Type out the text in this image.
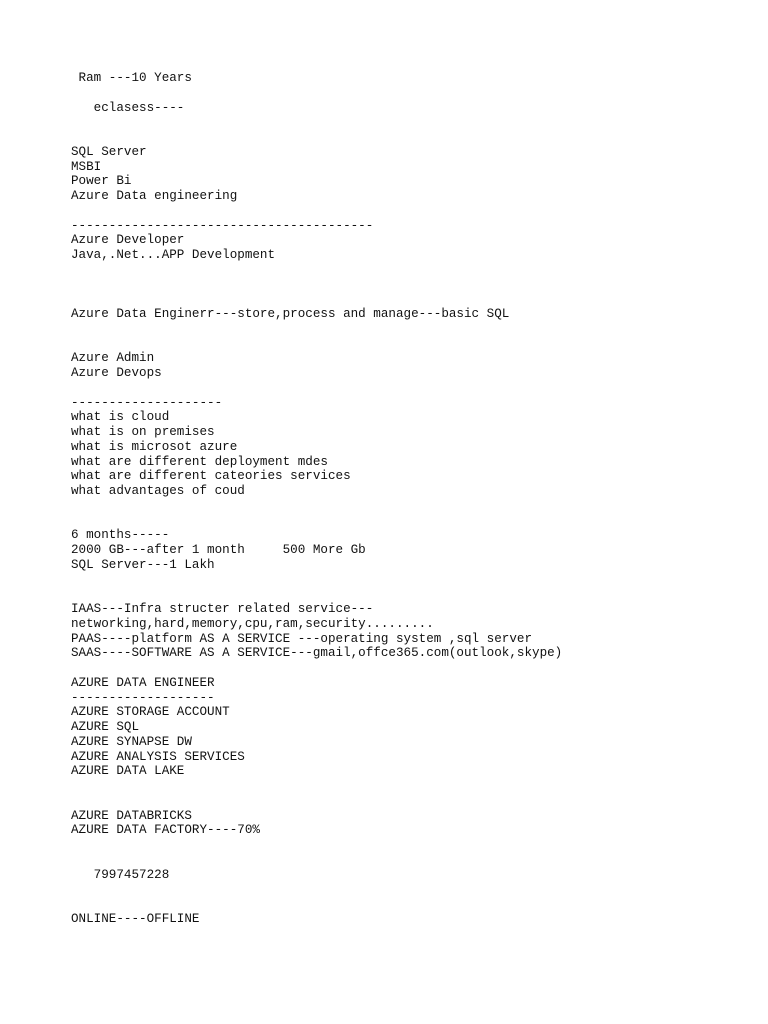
Ram ---10 Years
eclasess----
SQL Server
MSBI
Power Bi
Azure Data engineering
----------------------------------------
Azure Developer
Java,.Net...APP Development
Azure Data Enginerr---store,process and manage---basic SQL
Azure Admin
Azure Devops
--------------------
what is cloud
what is on premises
what is microsot azure
what are different deployment mdes
what are different cateories services
what advantages of coud
6 months-----
2000 GB---after 1 month     500 More Gb
SQL Server---1 Lakh
IAAS---Infra structer related service---
networking,hard,memory,cpu,ram,security.........
PAAS----platform AS A SERVICE ---operating system ,sql server
SAAS----SOFTWARE AS A SERVICE---gmail,offce365.com(outlook,skype)
AZURE DATA ENGINEER
-------------------
AZURE STORAGE ACCOUNT
AZURE SQL
AZURE SYNAPSE DW
AZURE ANALYSIS SERVICES
AZURE DATA LAKE
AZURE DATABRICKS
AZURE DATA FACTORY----70%
7997457228
ONLINE----OFFLINE
